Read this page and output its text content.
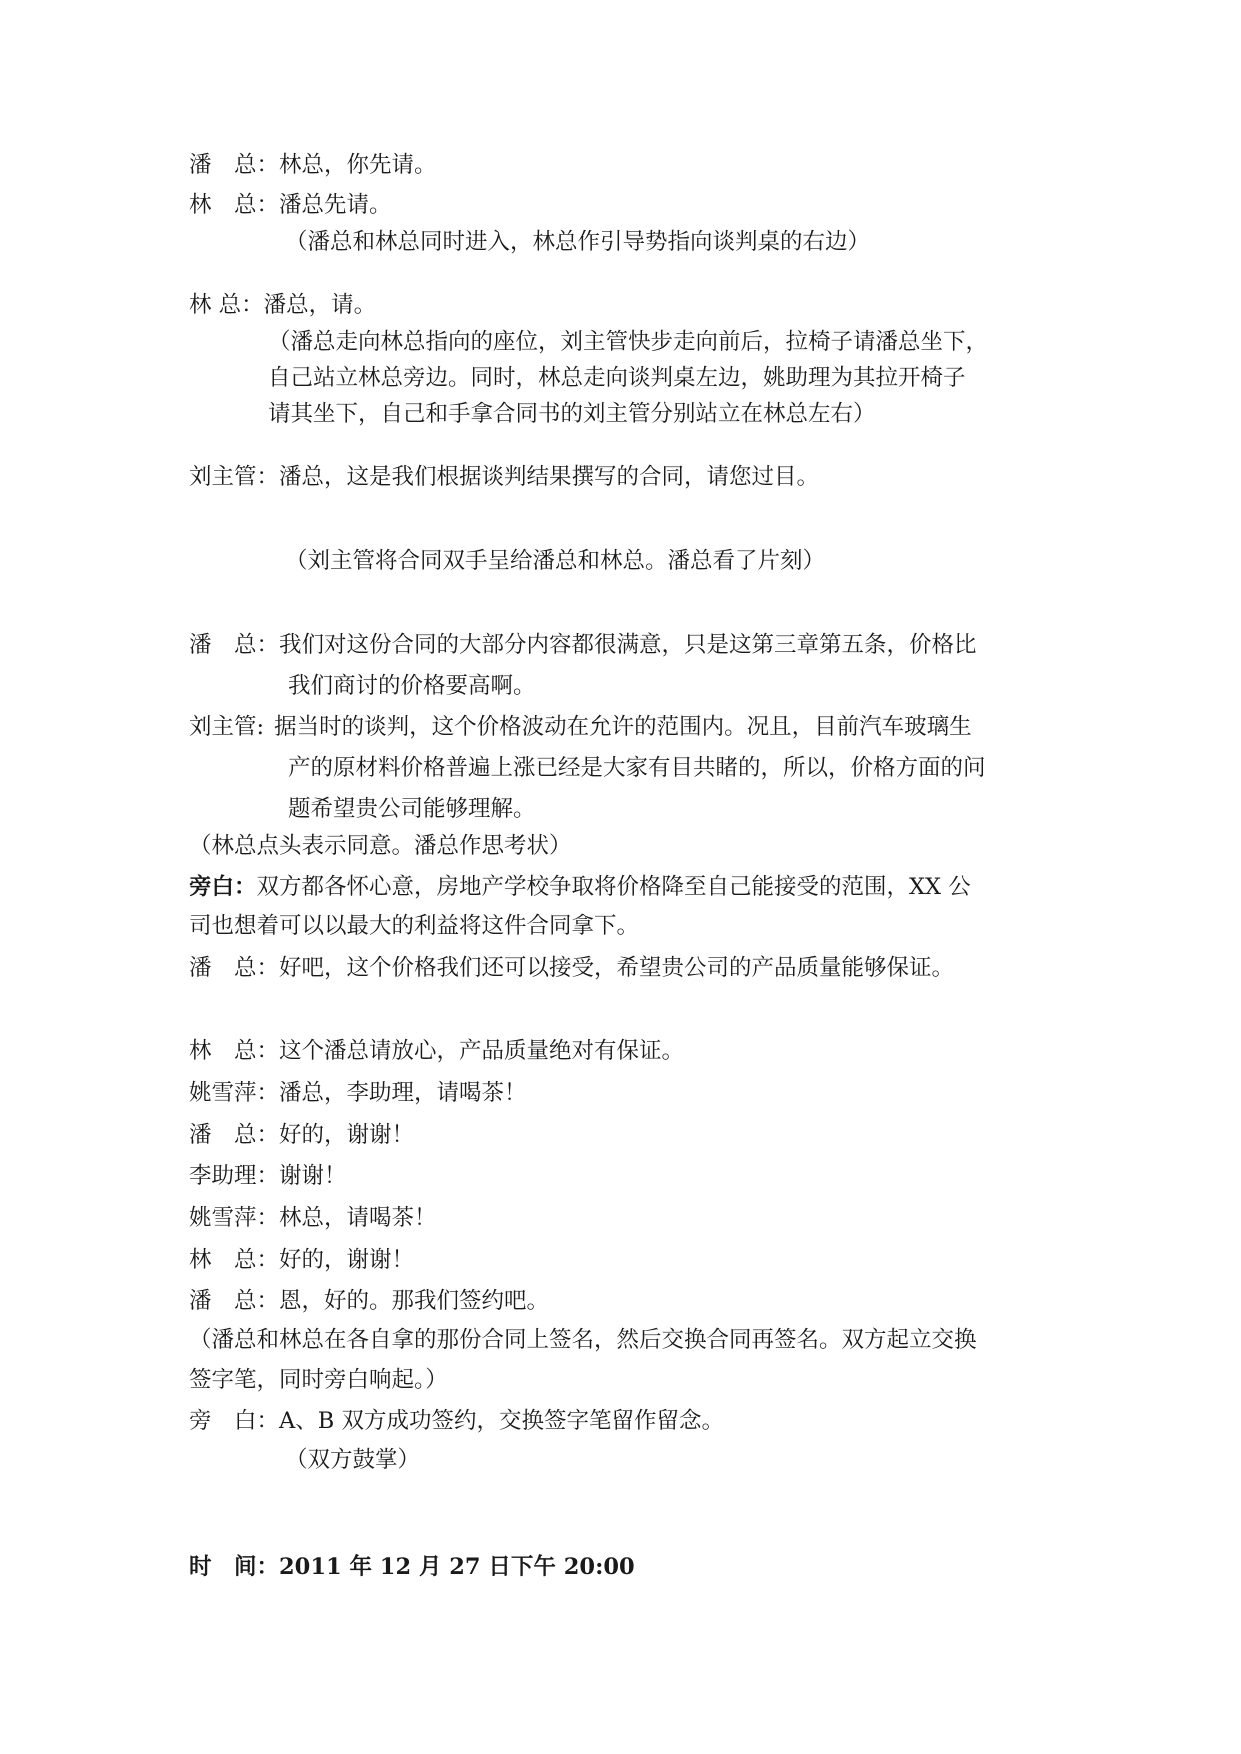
潘　总：林总，你先请。
林　总：潘总先请。
（潘总和林总同时进入，林总作引导势指向谈判桌的右边）
林 总：潘总，请。
（潘总走向林总指向的座位，刘主管快步走向前后，拉椅子请潘总坐下，
自己站立林总旁边。同时，林总走向谈判桌左边，姚助理为其拉开椅子
请其坐下，自己和手拿合同书的刘主管分别站立在林总左右）
刘主管：潘总，这是我们根据谈判结果撰写的合同，请您过目。
（刘主管将合同双手呈给潘总和林总。潘总看了片刻）
潘　总：我们对这份合同的大部分内容都很满意，只是这第三章第五条，价格比
我们商讨的价格要高啊。
刘主管: 据当时的谈判，这个价格波动在允许的范围内。况且，目前汽车玻璃生
产的原材料价格普遍上涨已经是大家有目共睹的，所以，价格方面的问
题希望贵公司能够理解。
（林总点头表示同意。潘总作思考状）
旁白：双方都各怀心意，房地产学校争取将价格降至自己能接受的范围，XX 公
司也想着可以以最大的利益将这件合同拿下。
潘　总：好吧，这个价格我们还可以接受，希望贵公司的产品质量能够保证。
林　总：这个潘总请放心，产品质量绝对有保证。
姚雪萍：潘总，李助理，请喝茶！
潘　总：好的，谢谢！
李助理：谢谢！
姚雪萍：林总，请喝茶！
林　总：好的，谢谢！
潘　总：恩，好的。那我们签约吧。
（潘总和林总在各自拿的那份合同上签名，然后交换合同再签名。双方起立交换
签字笔，同时旁白响起。）
旁　白：A、B 双方成功签约，交换签字笔留作留念。
（双方鼓掌）
时　间：2011 年 12 月 27 日下午 20:00
